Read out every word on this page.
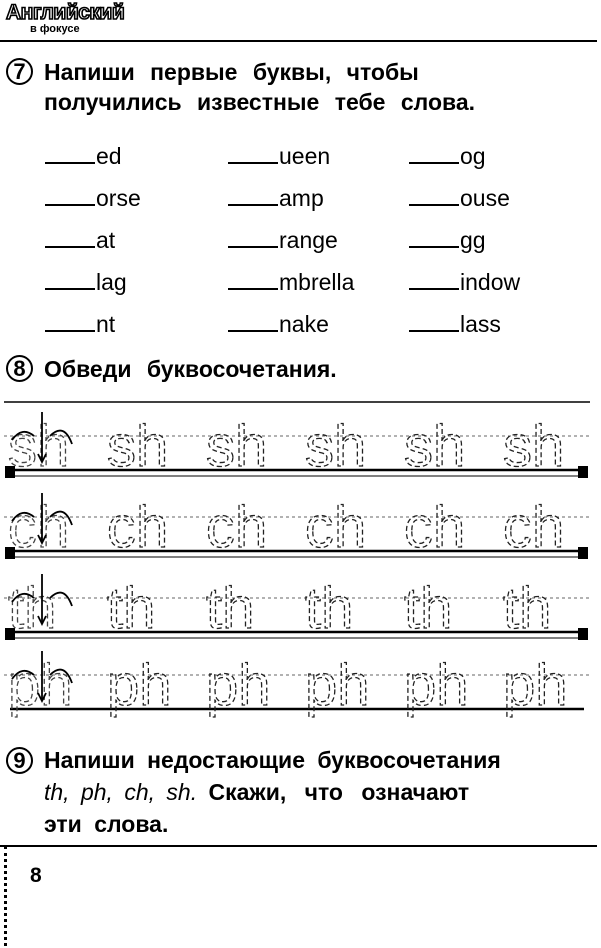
Английский
в фокусе
7 Напиши первые буквы, чтобы
получились известные тебе слова.
ed	ueen	og
orse	amp	ouse
at	range	gg
lag	mbrella	indow
nt	nake	lass
8 Обведи буквосочетания.
sh sh sh sh sh sh
ch ch ch ch ch ch
th th th th th th
ph ph ph ph ph ph
9 Напиши недостающие буквосочетания
th, ph, ch, sh. Скажи, что означают
эти слова.
8
